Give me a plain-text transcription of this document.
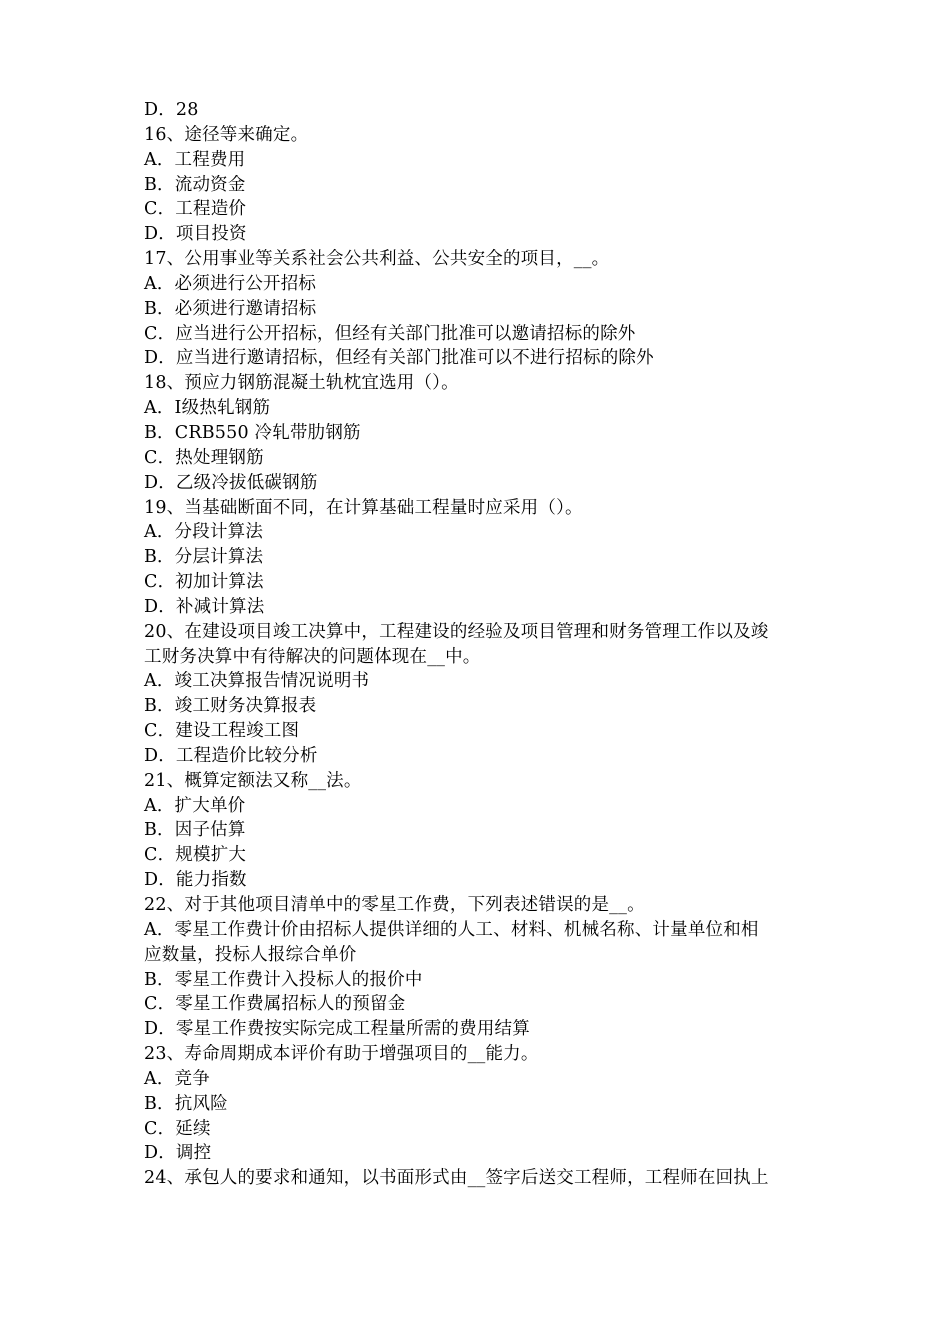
D．28
16、途径等来确定。
A．工程费用
B．流动资金
C．工程造价
D．项目投资
17、公用事业等关系社会公共利益、公共安全的项目，__。
A．必须进行公开招标
B．必须进行邀请招标
C．应当进行公开招标，但经有关部门批准可以邀请招标的除外
D．应当进行邀请招标，但经有关部门批准可以不进行招标的除外
18、预应力钢筋混凝土轨枕宜选用（）。
A．Ⅰ级热轧钢筋
B．CRB550 冷轧带肋钢筋
C．热处理钢筋
D．乙级冷拔低碳钢筋
19、当基础断面不同，在计算基础工程量时应采用（）。
A．分段计算法
B．分层计算法
C．初加计算法
D．补减计算法
20、在建设项目竣工决算中，工程建设的经验及项目管理和财务管理工作以及竣
工财务决算中有待解决的问题体现在__中。
A．竣工决算报告情况说明书
B．竣工财务决算报表
C．建设工程竣工图
D．工程造价比较分析
21、概算定额法又称__法。
A．扩大单价
B．因子估算
C．规模扩大
D．能力指数
22、对于其他项目清单中的零星工作费，下列表述错误的是__。
A．零星工作费计价由招标人提供详细的人工、材料、机械名称、计量单位和相
应数量，投标人报综合单价
B．零星工作费计入投标人的报价中
C．零星工作费属招标人的预留金
D．零星工作费按实际完成工程量所需的费用结算
23、寿命周期成本评价有助于增强项目的__能力。
A．竞争
B．抗风险
C．延续
D．调控
24、承包人的要求和通知，以书面形式由__签字后送交工程师，工程师在回执上
